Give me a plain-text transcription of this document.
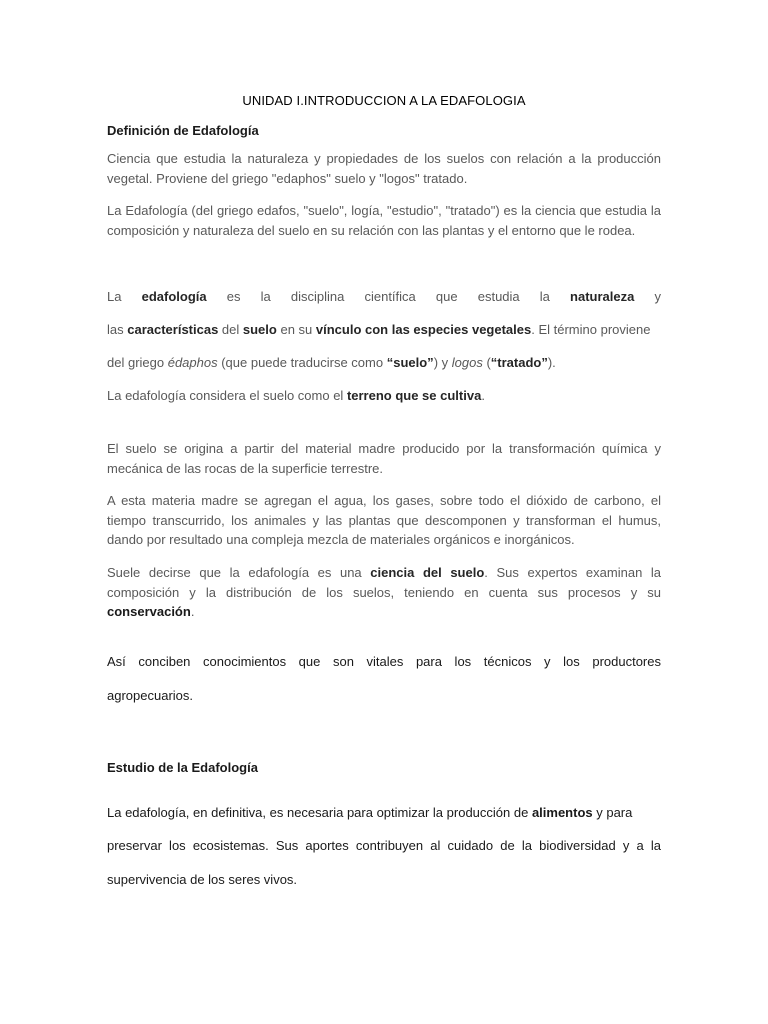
UNIDAD I.INTRODUCCION A LA EDAFOLOGIA
Definición de Edafología
Ciencia que estudia la naturaleza y propiedades de los suelos con relación a la producción vegetal. Proviene del griego "edaphos" suelo y "logos" tratado.
La Edafología (del griego edafos, "suelo", logía, "estudio", "tratado") es la ciencia que estudia la composición y naturaleza del suelo en su relación con las plantas y el entorno que le rodea.
La edafología es la disciplina científica que estudia la naturaleza y
las características del suelo en su vínculo con las especies vegetales. El término proviene
del griego édaphos (que puede traducirse como “suelo”) y logos (“tratado”).
La edafología considera el suelo como el terreno que se cultiva.
El suelo se origina a partir del material madre producido por la transformación química y mecánica de las rocas de la superficie terrestre.
A esta materia madre se agregan el agua, los gases, sobre todo el dióxido de carbono, el tiempo transcurrido, los animales y las plantas que descomponen y transforman el humus, dando por resultado una compleja mezcla de materiales orgánicos e inorgánicos.
Suele decirse que la edafología es una ciencia del suelo. Sus expertos examinan la composición y la distribución de los suelos, teniendo en cuenta sus procesos y su conservación.
Así conciben conocimientos que son vitales para los técnicos y los productores
agropecuarios.
Estudio de la Edafología
La edafología, en definitiva, es necesaria para optimizar la producción de alimentos y para
preservar los ecosistemas. Sus aportes contribuyen al cuidado de la biodiversidad y a la
supervivencia de los seres vivos.
